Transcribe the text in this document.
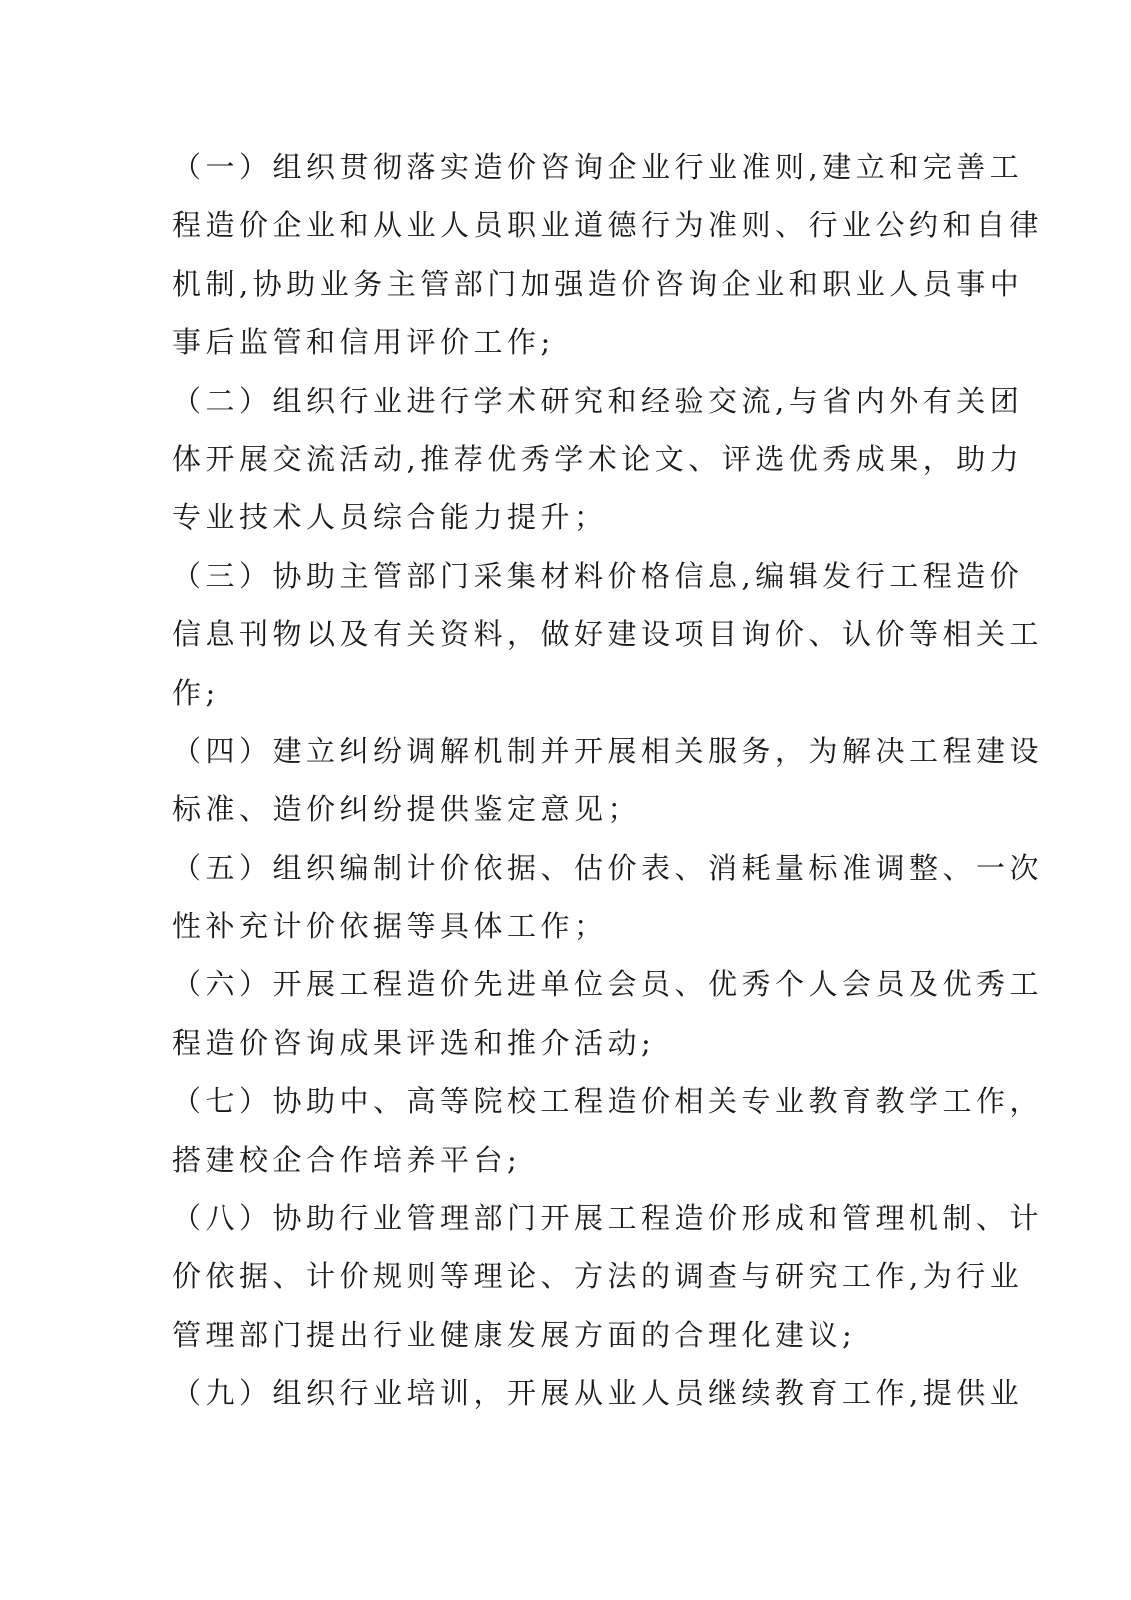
（一）组织贯彻落实造价咨询企业行业准则,建立和完善工
程造价企业和从业人员职业道德行为准则、行业公约和自律
机制,协助业务主管部门加强造价咨询企业和职业人员事中
事后监管和信用评价工作;
（二）组织行业进行学术研究和经验交流,与省内外有关团
体开展交流活动,推荐优秀学术论文、评选优秀成果，助力
专业技术人员综合能力提升；
（三）协助主管部门采集材料价格信息,编辑发行工程造价
信息刊物以及有关资料，做好建设项目询价、认价等相关工
作;
（四）建立纠纷调解机制并开展相关服务，为解决工程建设
标准、造价纠纷提供鉴定意见；
（五）组织编制计价依据、估价表、消耗量标准调整、一次
性补充计价依据等具体工作；
（六）开展工程造价先进单位会员、优秀个人会员及优秀工
程造价咨询成果评选和推介活动;
（七）协助中、高等院校工程造价相关专业教育教学工作，
搭建校企合作培养平台;
（八）协助行业管理部门开展工程造价形成和管理机制、计
价依据、计价规则等理论、方法的调查与研究工作,为行业
管理部门提出行业健康发展方面的合理化建议;
（九）组织行业培训，开展从业人员继续教育工作,提供业
